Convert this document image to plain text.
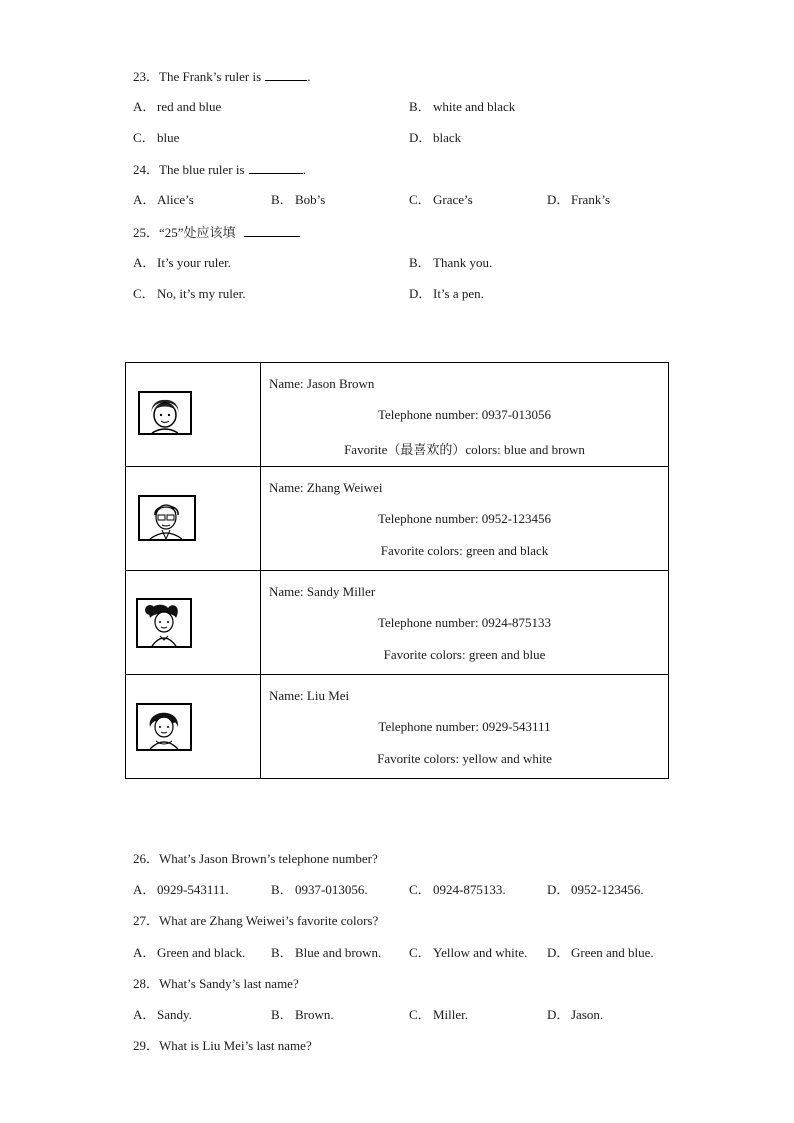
23．The Frank’s ruler is	.
A． red and blue	B． white and black
C． blue	D． black
24．The blue ruler is	.
A． Alice’s	B． Bob’s	C． Grace’s	D． Frank’s
25．“25”处应该填
A． It’s your ruler.	B． Thank you.
C． No, it’s my ruler.	D． It’s a pen.

Name: Jason Brown
Telephone number: 0937-013056
Favorite（最喜欢的）colors: blue and brown

Name: Zhang Weiwei
Telephone number: 0952-123456
Favorite colors: green and black

Name: Sandy Miller
Telephone number: 0924-875133
Favorite colors: green and blue

Name: Liu Mei
Telephone number: 0929-543111
Favorite colors: yellow and white
26．What’s Jason Brown’s telephone number?
A． 0929-543111.	B． 0937-013056.	C． 0924-875133.	D． 0952-123456.
27．What are Zhang Weiwei’s favorite colors?
A． Green and black. B． Blue and brown. C． Yellow and white. D． Green and blue.
28．What’s Sandy’s last name?
A． Sandy.	B． Brown.	C． Miller.	D． Jason.
29．What is Liu Mei’s last name?
